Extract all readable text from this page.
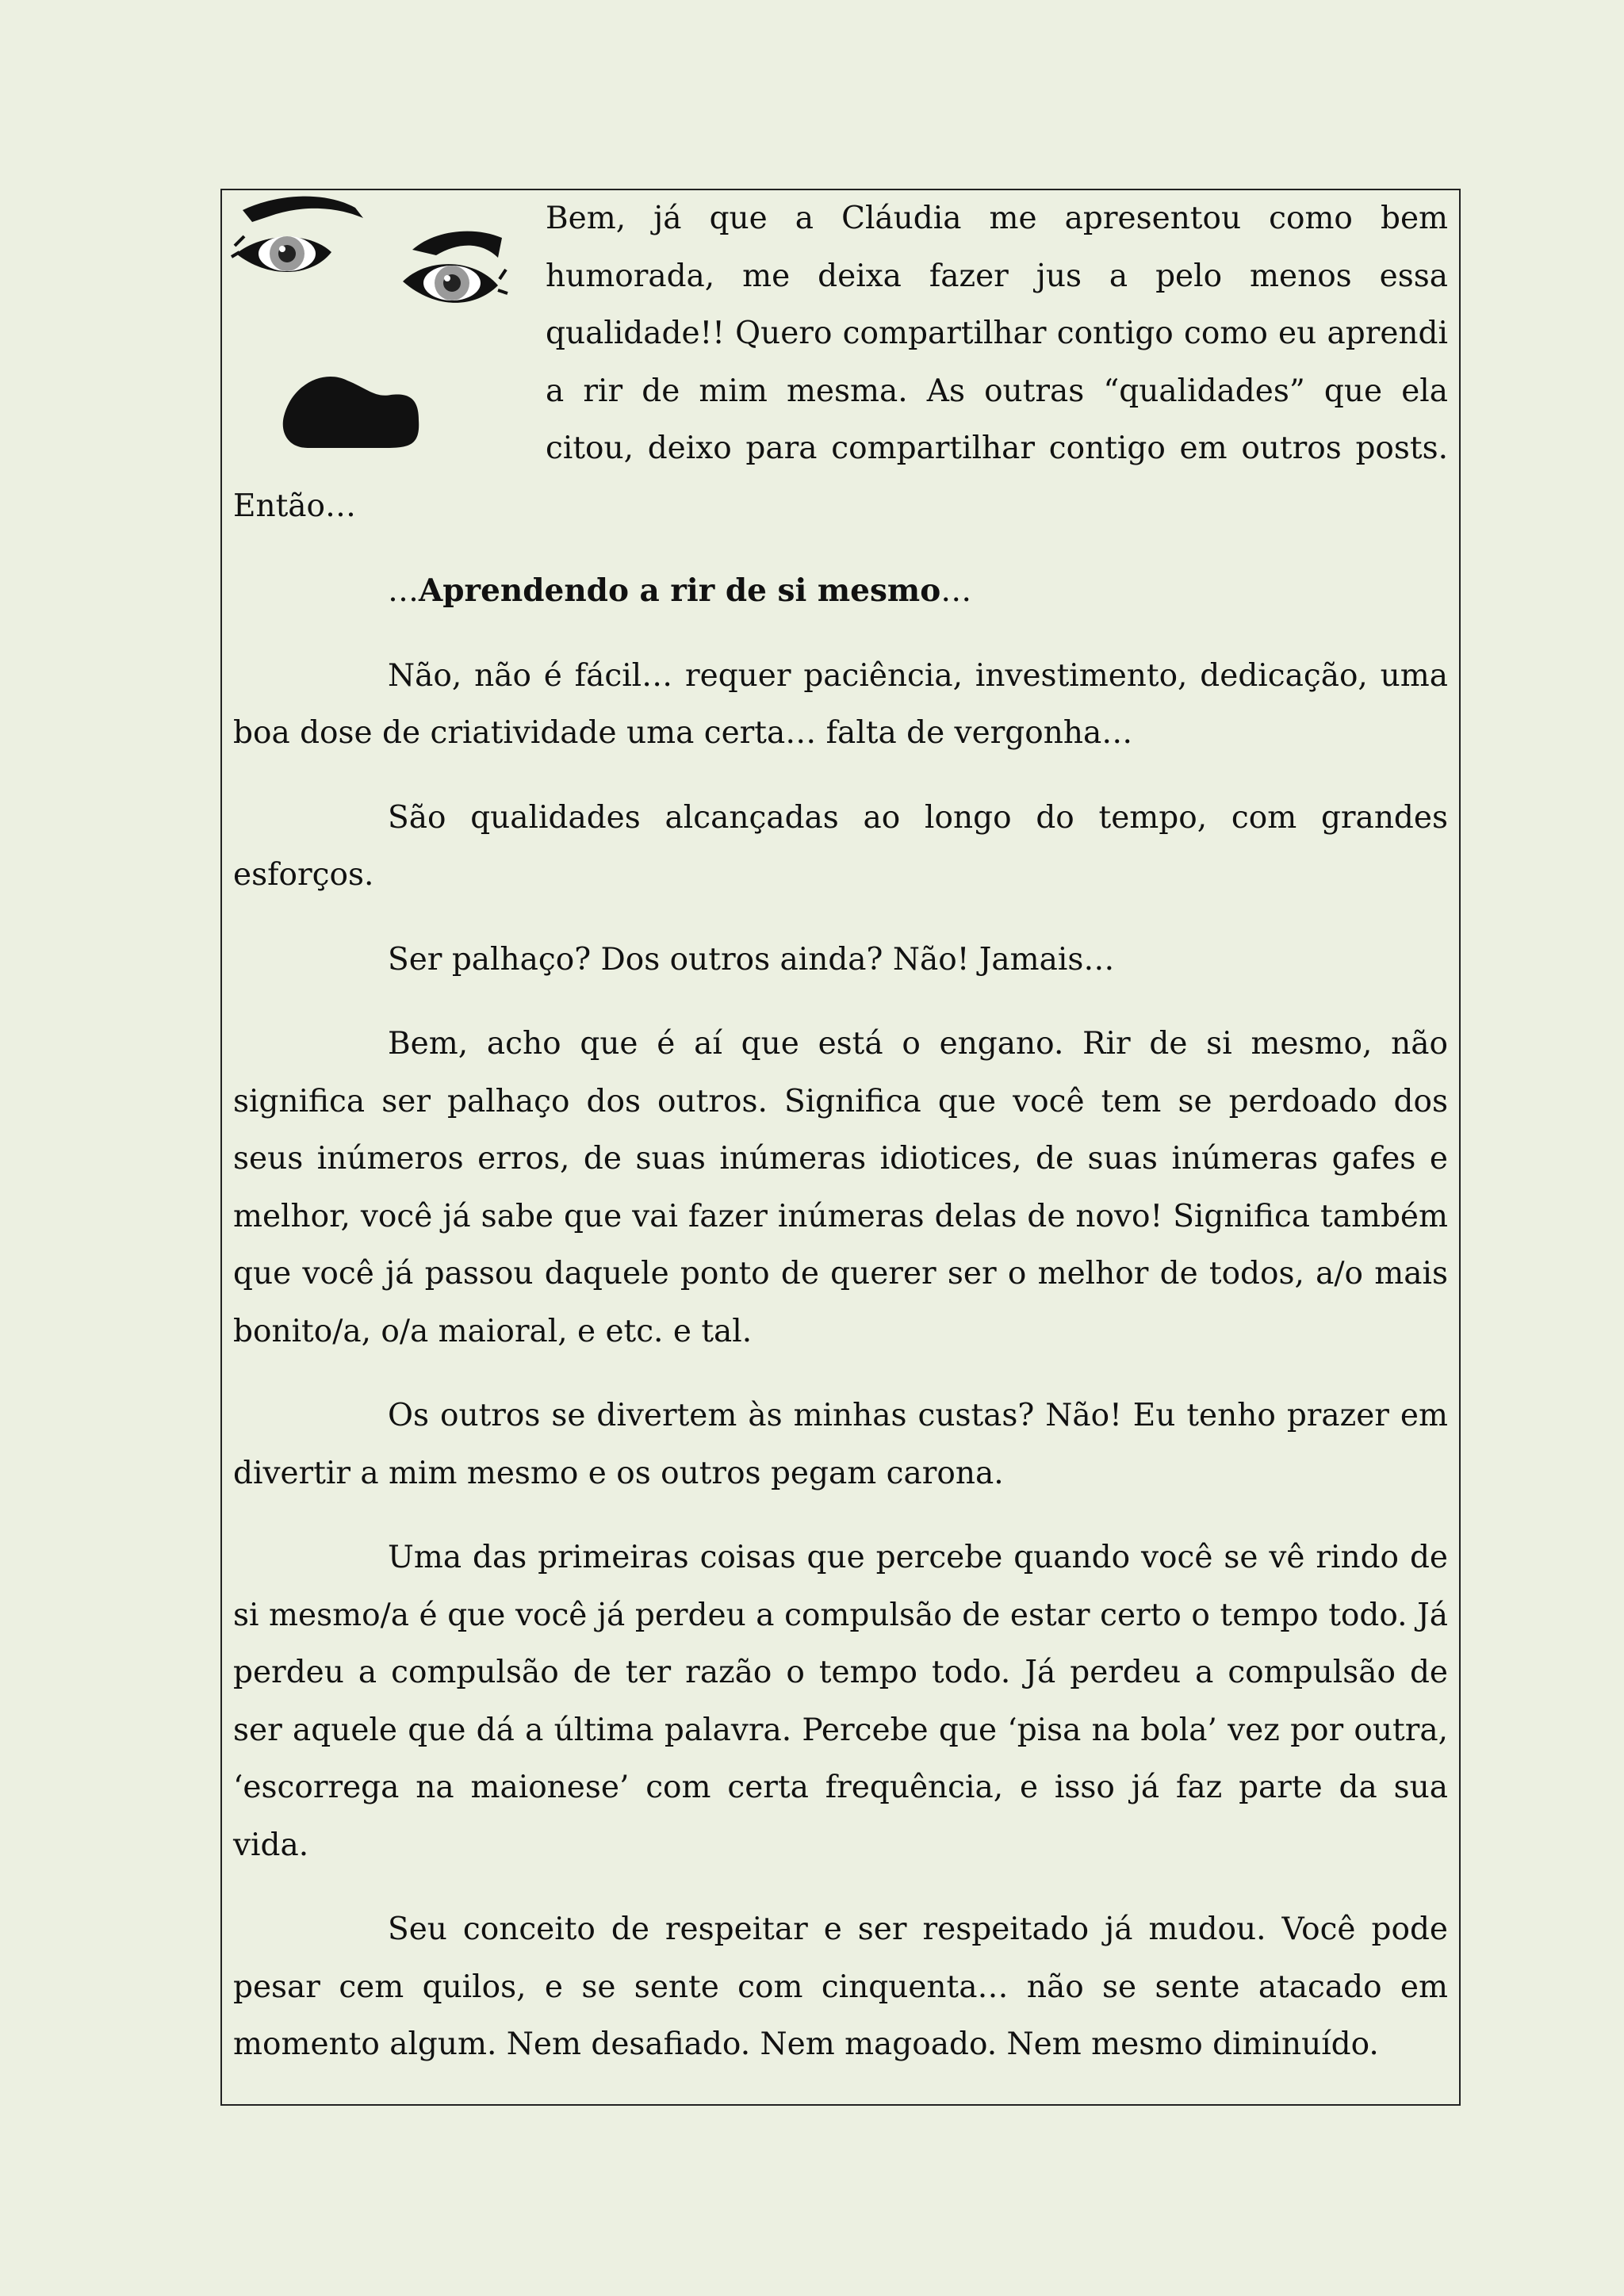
Bem, já que a Cláudia me apresentou como bem humorada, me deixa fazer jus a pelo menos essa qualidade!! Quero compartilhar contigo como eu aprendi a rir de mim mesma. As outras “qualidades” que ela citou, deixo para compartilhar contigo em outros posts. Então…

…Aprendendo a rir de si mesmo…

Não, não é fácil… requer paciência, investimento, dedicação, uma boa dose de criatividade uma certa… falta de vergonha…

São qualidades alcançadas ao longo do tempo, com grandes esforços.

Ser palhaço? Dos outros ainda? Não! Jamais…

Bem, acho que é aí que está o engano. Rir de si mesmo, não significa ser palhaço dos outros. Significa que você tem se perdoado dos seus inúmeros erros, de suas inúmeras idiotices, de suas inúmeras gafes e melhor, você já sabe que vai fazer inúmeras delas de novo! Significa também que você já passou daquele ponto de querer ser o melhor de todos, a/o mais bonito/a, o/a maioral, e etc. e tal.

Os outros se divertem às minhas custas? Não! Eu tenho prazer em divertir a mim mesmo e os outros pegam carona.

Uma das primeiras coisas que percebe quando você se vê rindo de si mesmo/a é que você já perdeu a compulsão de estar certo o tempo todo. Já perdeu a compulsão de ter razão o tempo todo. Já perdeu a compulsão de ser aquele que dá a última palavra. Percebe que ‘pisa na bola’ vez por outra, ‘escorrega na maionese’ com certa frequência, e isso já faz parte da sua vida.

Seu conceito de respeitar e ser respeitado já mudou. Você pode pesar cem quilos, e se sente com cinquenta… não se sente atacado em momento algum. Nem desafiado. Nem magoado. Nem mesmo diminuído.
